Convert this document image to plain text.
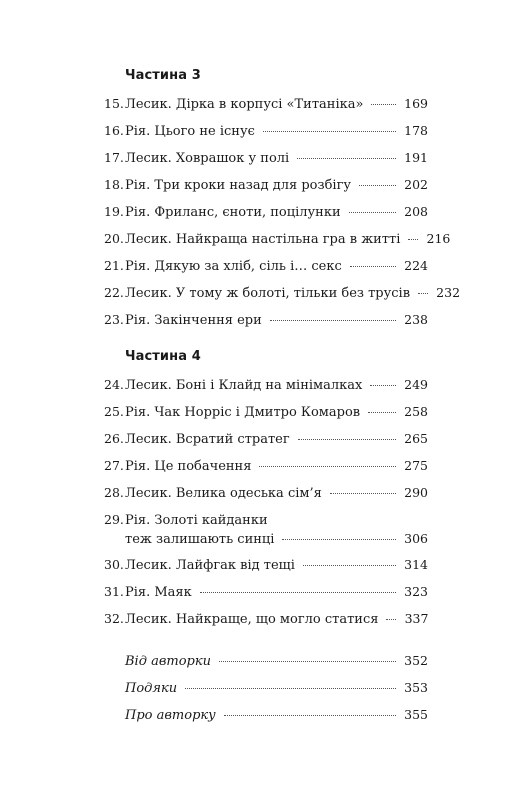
Частина 3
15. Лесик. Дірка в корпусі «Титаніка»	169
16. Рія. Цього не існує	178
17. Лесик. Ховрашок у полі	191
18. Рія. Три кроки назад для розбігу	202
19. Рія. Фриланс, єноти, поцілунки	208
20. Лесик. Найкраща настільна гра в житті 216
21. Рія. Дякую за хліб, сіль і… секс	224
22. Лесик. У тому ж болоті, тільки без трусів 232
23. Рія. Закінчення ери	238
Частина 4
24. Лесик. Боні і Клайд на мінімалках	249
25. Рія. Чак Норріс і Дмитро Комаров	258
26. Лесик. Всратий стратег	265
27. Рія. Це побачення	275
28. Лесик. Велика одеська сім’я	290
29. Рія. Золоті кайданки
теж залишають синці	306
30. Лесик. Лайфгак від тещі	314
31. Рія. Маяк	323
32. Лесик. Найкраще, що могло статися 337
Від авторки	352
Подяки	353
Про авторку	355
